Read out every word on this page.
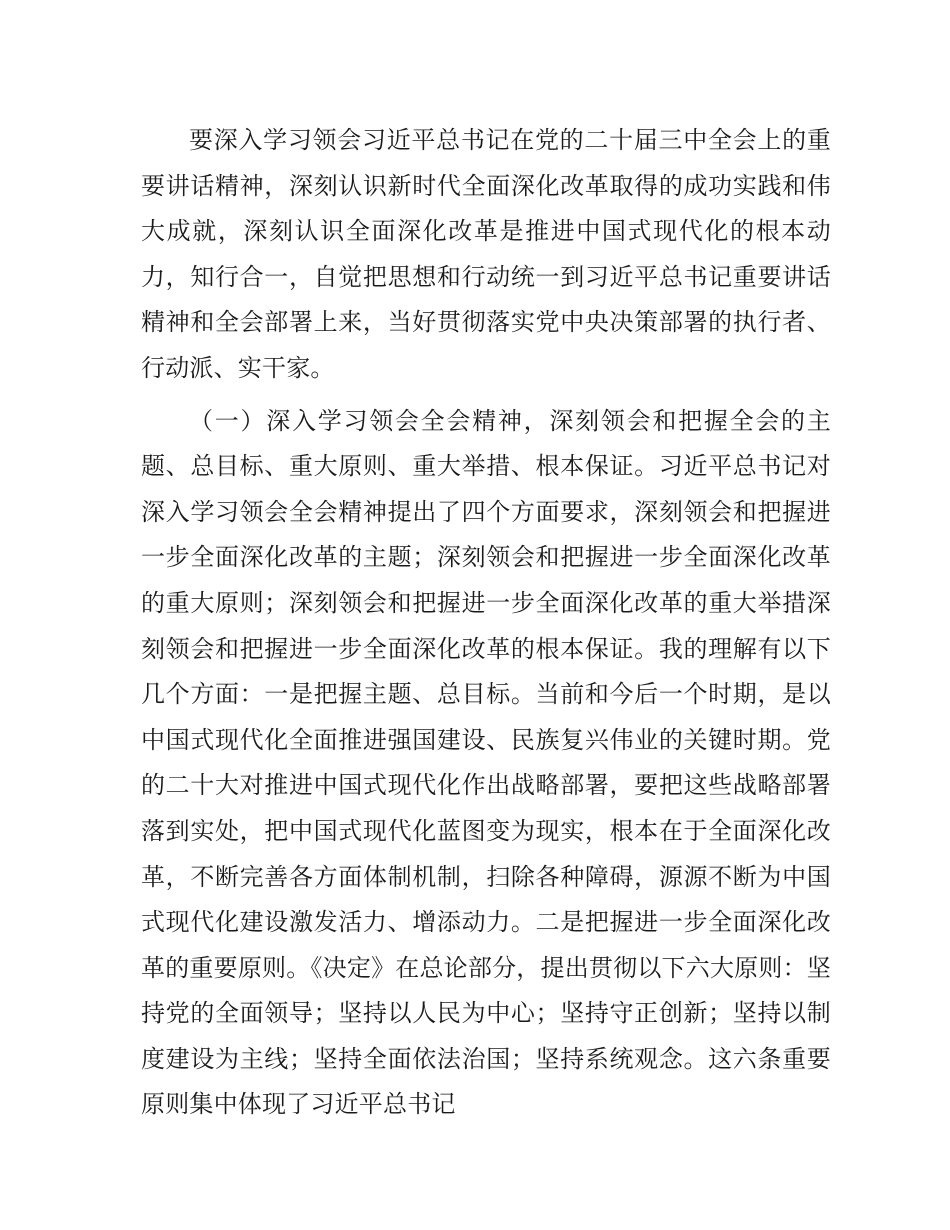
要深入学习领会习近平总书记在党的二十届三中全会上的重要讲话精神，深刻认识新时代全面深化改革取得的成功实践和伟大成就，深刻认识全面深化改革是推进中国式现代化的根本动力，知行合一，自觉把思想和行动统一到习近平总书记重要讲话精神和全会部署上来，当好贯彻落实党中央决策部署的执行者、行动派、实干家。

（一）深入学习领会全会精神，深刻领会和把握全会的主题、总目标、重大原则、重大举措、根本保证。习近平总书记对深入学习领会全会精神提出了四个方面要求，深刻领会和把握进一步全面深化改革的主题；深刻领会和把握进一步全面深化改革的重大原则；深刻领会和把握进一步全面深化改革的重大举措深刻领会和把握进一步全面深化改革的根本保证。我的理解有以下几个方面：一是把握主题、总目标。当前和今后一个时期，是以中国式现代化全面推进强国建设、民族复兴伟业的关键时期。党的二十大对推进中国式现代化作出战略部署，要把这些战略部署落到实处，把中国式现代化蓝图变为现实，根本在于全面深化改革，不断完善各方面体制机制，扫除各种障碍，源源不断为中国式现代化建设激发活力、增添动力。二是把握进一步全面深化改革的重要原则。《决定》在总论部分，提出贯彻以下六大原则：坚持党的全面领导；坚持以人民为中心；坚持守正创新；坚持以制度建设为主线；坚持全面依法治国；坚持系统观念。这六条重要原则集中体现了习近平总书记
